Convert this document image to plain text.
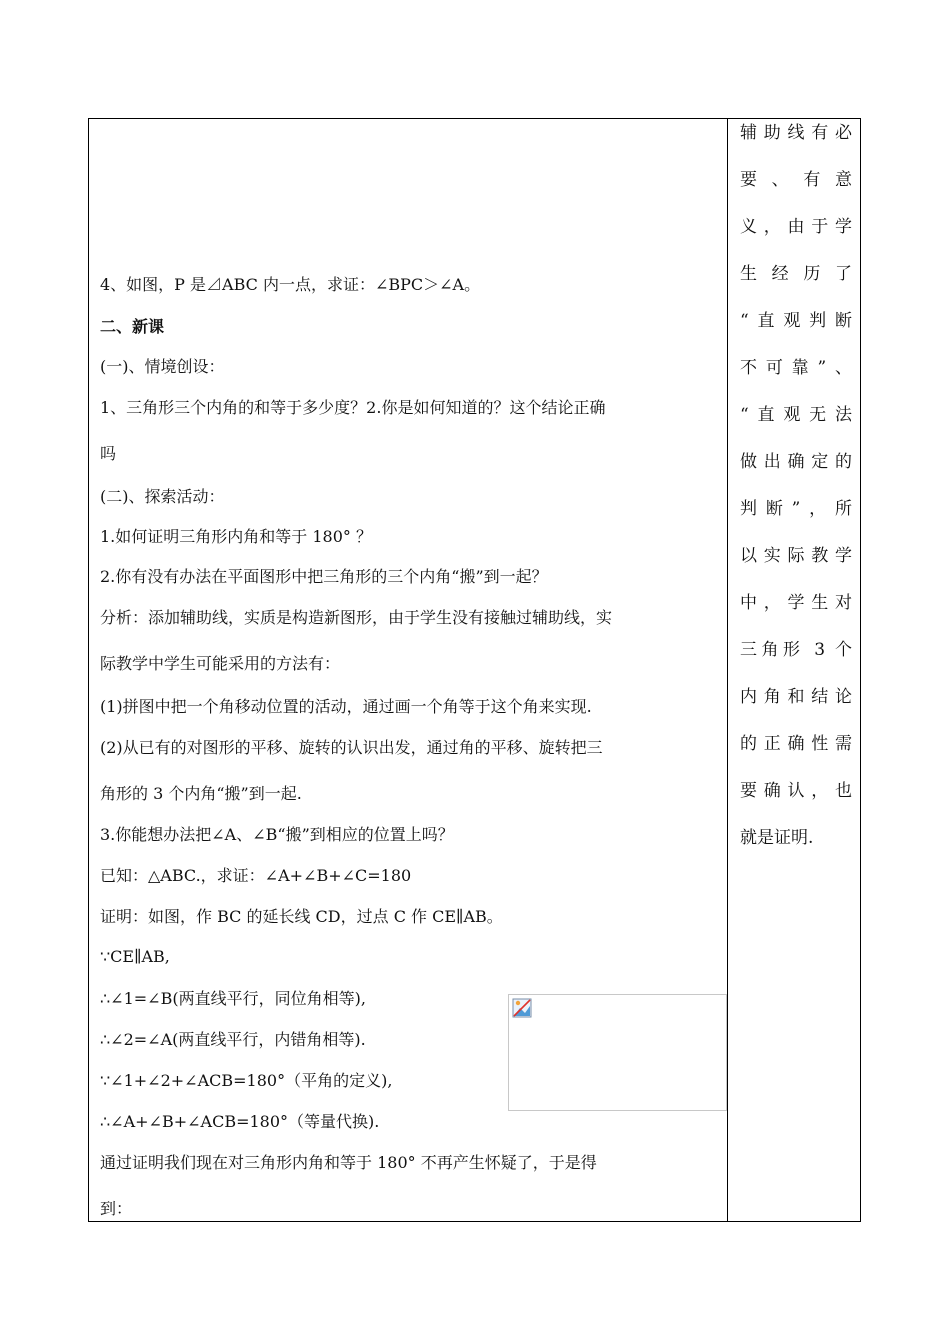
4、如图，P 是⊿ABC 内一点，求证：∠BPC＞∠A。
二、新课
(一)、情境创设：
1、三角形三个内角的和等于多少度？2.你是如何知道的？这个结论正确
吗
(二)、探索活动：
1.如何证明三角形内角和等于 180° ？
2.你有没有办法在平面图形中把三角形的三个内角“搬”到一起？
分析：添加辅助线，实质是构造新图形，由于学生没有接触过辅助线，实
际教学中学生可能采用的方法有：
(1)拼图中把一个角移动位置的活动，通过画一个角等于这个角来实现.
(2)从已有的对图形的平移、旋转的认识出发，通过角的平移、旋转把三
角形的 3 个内角“搬”到一起.
3.你能想办法把∠A、∠B“搬”到相应的位置上吗？
已知：△ABC.，求证：∠A+∠B+∠C=180
证明：如图，作 BC 的延长线 CD，过点 C 作 CE∥AB。
∵CE∥AB,
∴∠1=∠B(两直线平行，同位角相等),
∴∠2=∠A(两直线平行，内错角相等).
∵∠1+∠2+∠ACB=180°（平角的定义),
∴∠A+∠B+∠ACB=180°（等量代换).
通过证明我们现在对三角形内角和等于 180° 不再产生怀疑了，于是得
到：
辅助线有必
要 、 有 意
义，由于学
生 经 历 了
“直观判断
不可靠”、
“直观无法
做出确定的
判断”，所
以实际教学
中，学生对
三角形 3 个
内角和结论
的正确性需
要确认，也
就是证明.
